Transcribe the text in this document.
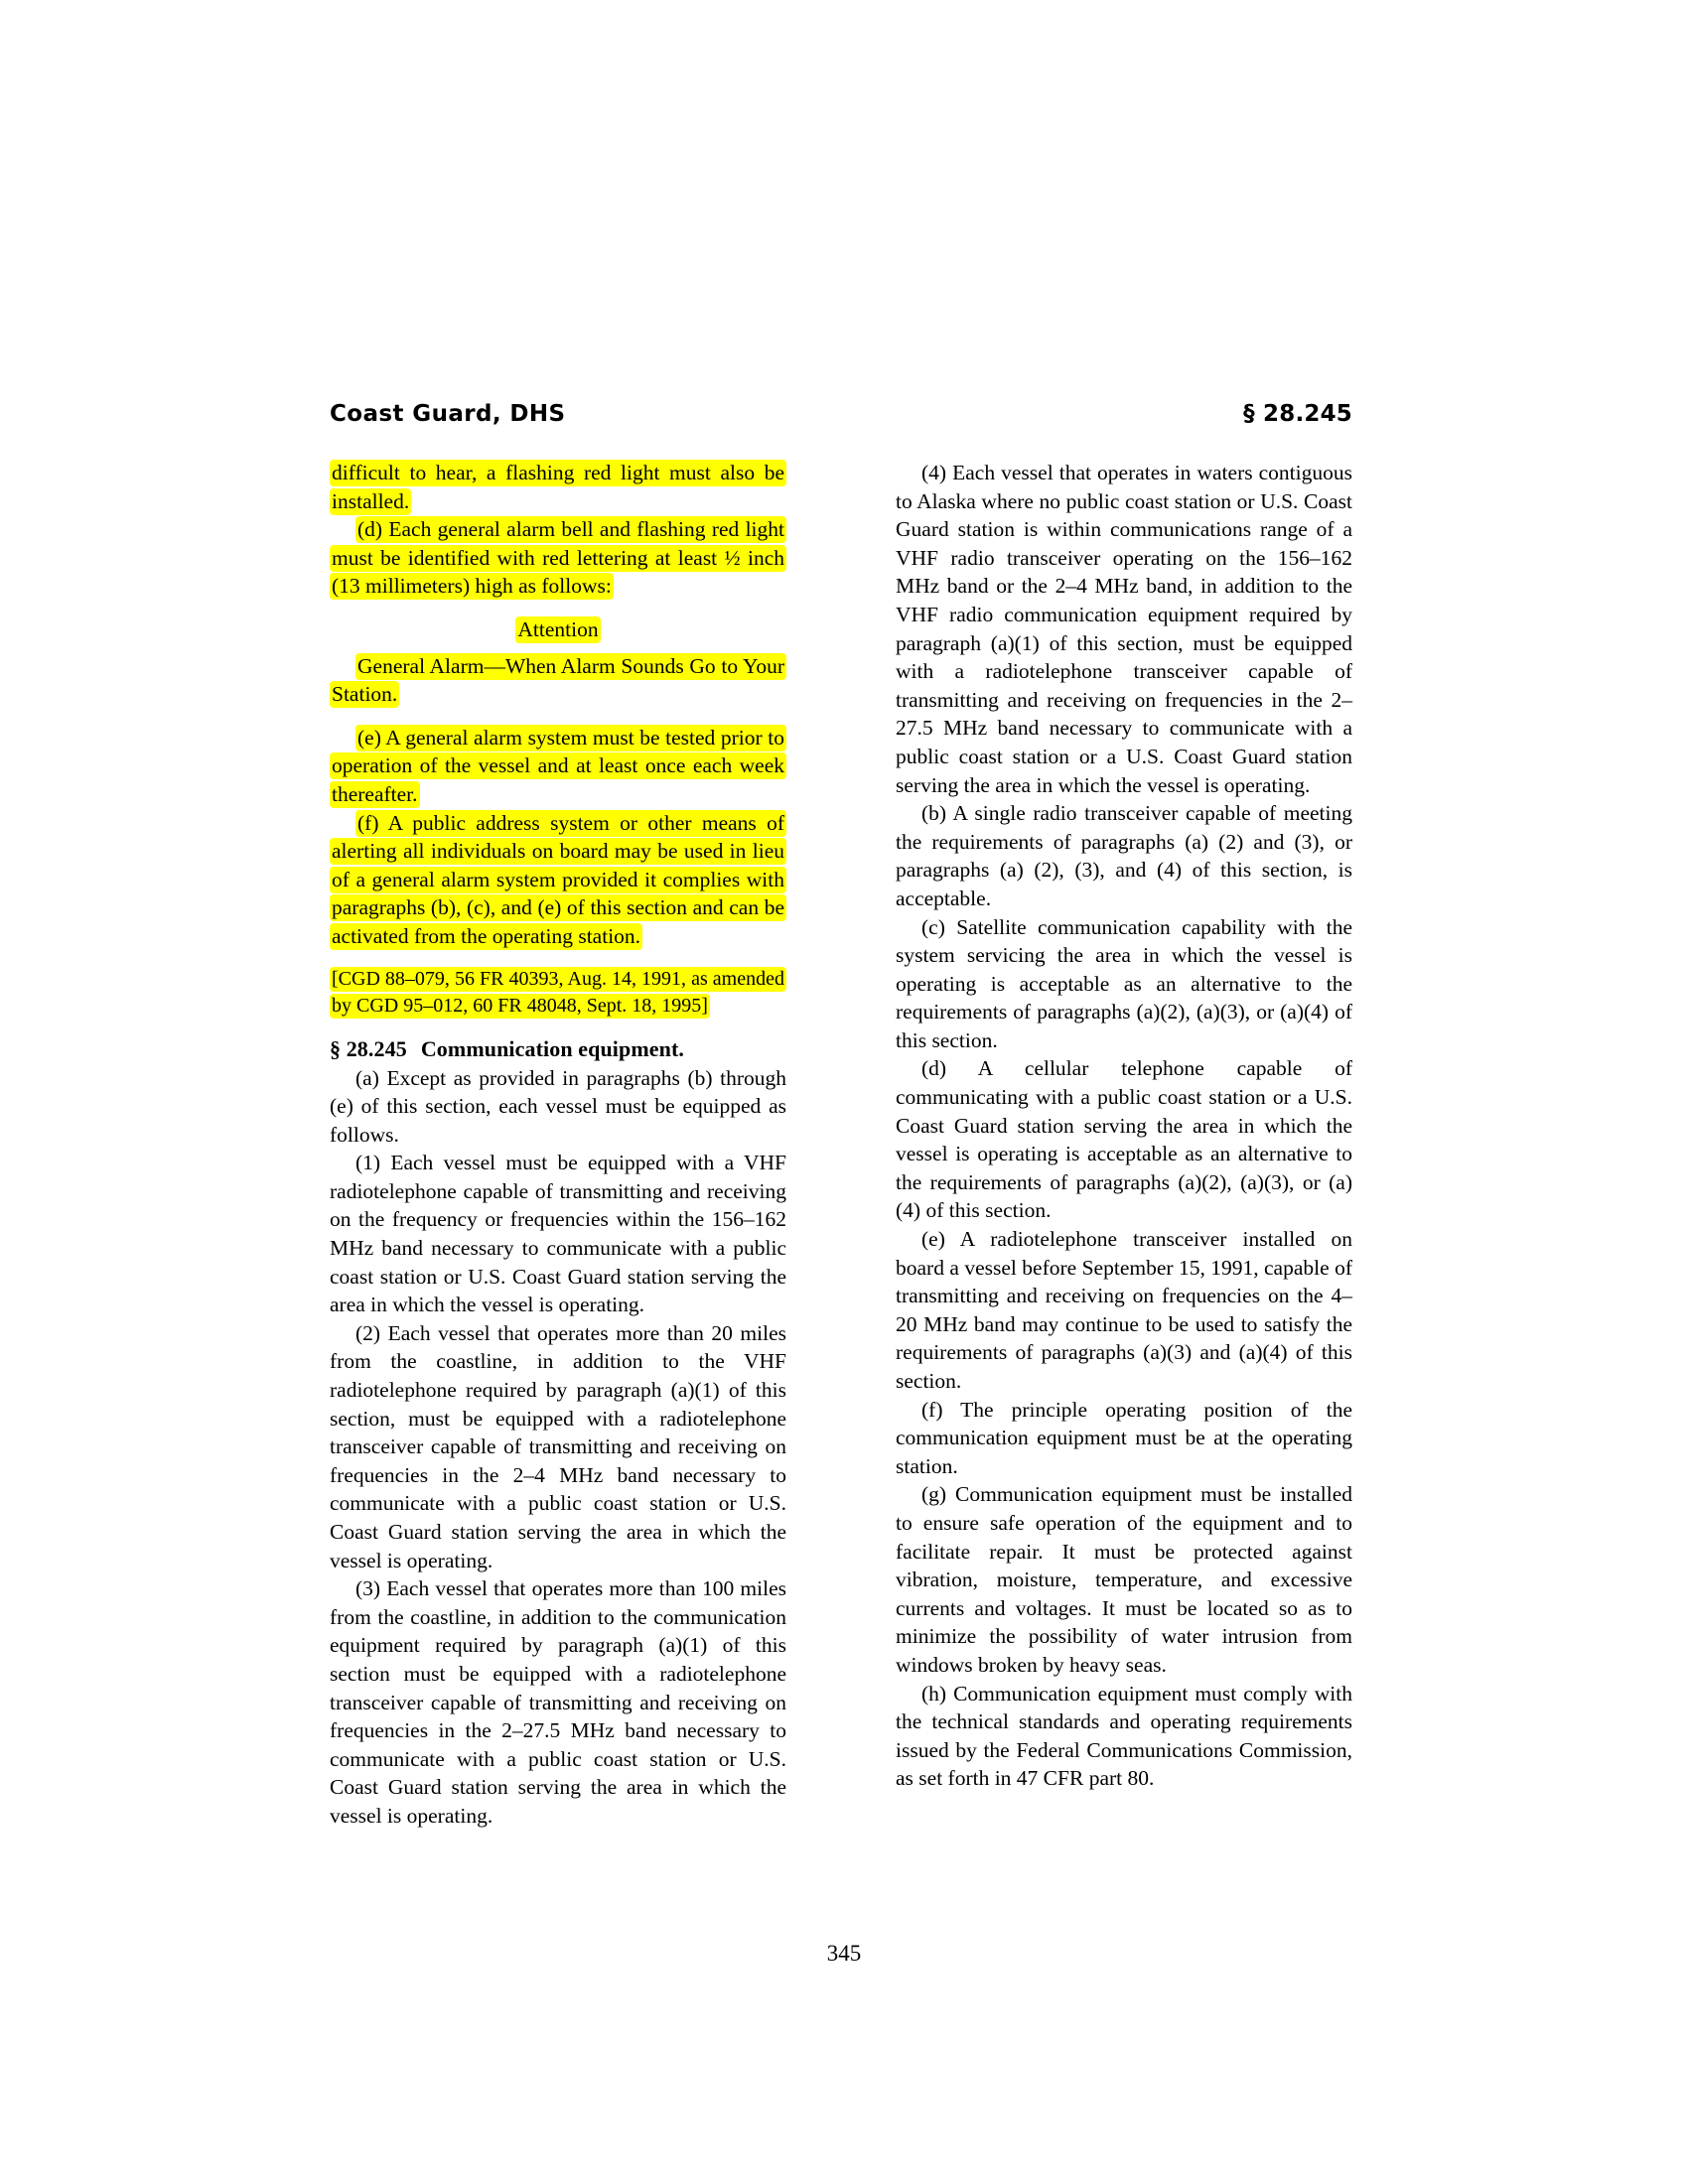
Coast Guard, DHS	§ 28.245

difficult to hear, a flashing red light must also be installed.

(d) Each general alarm bell and flashing red light must be identified with red lettering at least ½ inch (13 millimeters) high as follows:

Attention

General Alarm—When Alarm Sounds Go to Your Station.

(e) A general alarm system must be tested prior to operation of the vessel and at least once each week thereafter.

(f) A public address system or other means of alerting all individuals on board may be used in lieu of a general alarm system provided it complies with paragraphs (b), (c), and (e) of this section and can be activated from the operating station.

[CGD 88–079, 56 FR 40393, Aug. 14, 1991, as amended by CGD 95–012, 60 FR 48048, Sept. 18, 1995]

§ 28.245 Communication equipment.

(a) Except as provided in paragraphs (b) through (e) of this section, each vessel must be equipped as follows.

(1) Each vessel must be equipped with a VHF radiotelephone capable of transmitting and receiving on the frequency or frequencies within the 156–162 MHz band necessary to communicate with a public coast station or U.S. Coast Guard station serving the area in which the vessel is operating.

(2) Each vessel that operates more than 20 miles from the coastline, in addition to the VHF radiotelephone required by paragraph (a)(1) of this section, must be equipped with a radiotelephone transceiver capable of transmitting and receiving on frequencies in the 2–4 MHz band necessary to communicate with a public coast station or U.S. Coast Guard station serving the area in which the vessel is operating.

(3) Each vessel that operates more than 100 miles from the coastline, in addition to the communication equipment required by paragraph (a)(1) of this section must be equipped with a radiotelephone transceiver capable of transmitting and receiving on frequencies in the 2–27.5 MHz band necessary to communicate with a public coast station or U.S. Coast Guard station serving the area in which the vessel is operating.

(4) Each vessel that operates in waters contiguous to Alaska where no public coast station or U.S. Coast Guard station is within communications range of a VHF radio transceiver operating on the 156–162 MHz band or the 2–4 MHz band, in addition to the VHF radio communication equipment required by paragraph (a)(1) of this section, must be equipped with a radiotelephone transceiver capable of transmitting and receiving on frequencies in the 2–27.5 MHz band necessary to communicate with a public coast station or a U.S. Coast Guard station serving the area in which the vessel is operating.

(b) A single radio transceiver capable of meeting the requirements of paragraphs (a) (2) and (3), or paragraphs (a) (2), (3), and (4) of this section, is acceptable.

(c) Satellite communication capability with the system servicing the area in which the vessel is operating is acceptable as an alternative to the requirements of paragraphs (a)(2), (a)(3), or (a)(4) of this section.

(d) A cellular telephone capable of communicating with a public coast station or a U.S. Coast Guard station serving the area in which the vessel is operating is acceptable as an alternative to the requirements of paragraphs (a)(2), (a)(3), or (a)(4) of this section.

(e) A radiotelephone transceiver installed on board a vessel before September 15, 1991, capable of transmitting and receiving on frequencies on the 4–20 MHz band may continue to be used to satisfy the requirements of paragraphs (a)(3) and (a)(4) of this section.

(f) The principle operating position of the communication equipment must be at the operating station.

(g) Communication equipment must be installed to ensure safe operation of the equipment and to facilitate repair. It must be protected against vibration, moisture, temperature, and excessive currents and voltages. It must be located so as to minimize the possibility of water intrusion from windows broken by heavy seas.

(h) Communication equipment must comply with the technical standards and operating requirements issued by the Federal Communications Commission, as set forth in 47 CFR part 80.

345
